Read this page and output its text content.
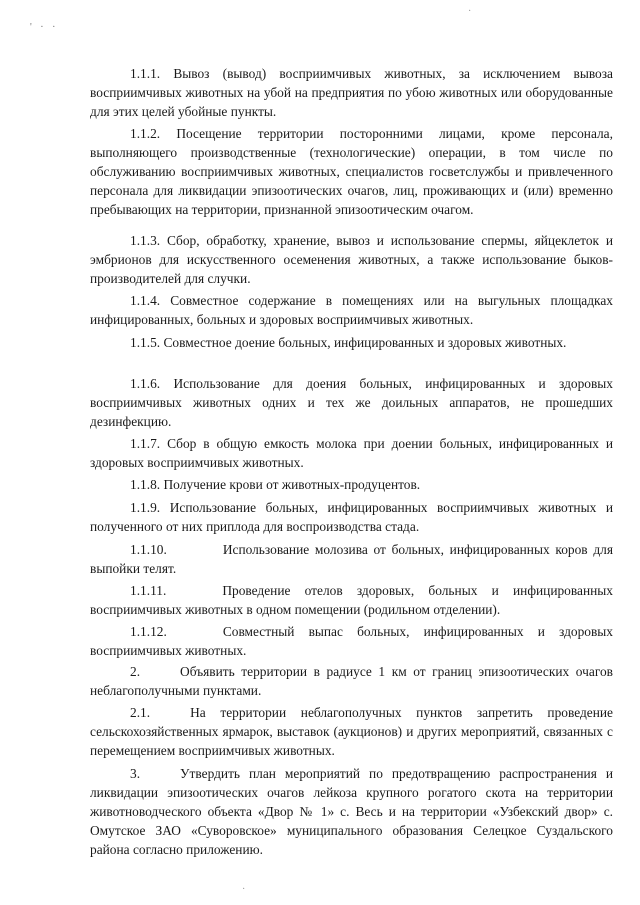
' · ·
·

1.1.1. Вывоз (вывод) восприимчивых животных, за исключением вывоза восприимчивых животных на убой на предприятия по убою животных или оборудованные для этих целей убойные пункты.

1.1.2. Посещение территории посторонними лицами, кроме персонала, выполняющего производственные (технологические) операции, в том числе по обслуживанию восприимчивых животных, специалистов госветслужбы и привлеченного персонала для ликвидации эпизоотических очагов, лиц, проживающих и (или) временно пребывающих на территории, признанной эпизоотическим очагом.

1.1.3. Сбор, обработку, хранение, вывоз и использование спермы, яйцеклеток и эмбрионов для искусственного осеменения животных, а также использование быков-производителей для случки.

1.1.4. Совместное содержание в помещениях или на выгульных площадках инфицированных, больных и здоровых восприимчивых животных.

1.1.5. Совместное доение больных, инфицированных и здоровых животных.

1.1.6. Использование для доения больных, инфицированных и здоровых восприимчивых животных одних и тех же доильных аппаратов, не прошедших дезинфекцию.

1.1.7. Сбор в общую емкость молока при доении больных, инфицированных и здоровых восприимчивых животных.

1.1.8. Получение крови от животных-продуцентов.

1.1.9. Использование больных, инфицированных восприимчивых животных и полученного от них приплода для воспроизводства стада.

1.1.10.	Использование молозива от больных, инфицированных коров для выпойки телят.

1.1.11.	Проведение отелов здоровых, больных и инфицированных восприимчивых животных в одном помещении (родильном отделении).

1.1.12.	Совместный выпас больных, инфицированных и здоровых восприимчивых животных.

2.	Объявить территории в радиусе 1 км от границ эпизоотических очагов неблагополучными пунктами.

2.1.	На территории неблагополучных пунктов запретить проведение сельскохозяйственных ярмарок, выставок (аукционов) и других мероприятий, связанных с перемещением восприимчивых животных.

3.	Утвердить план мероприятий по предотвращению распространения и ликвидации эпизоотических очагов лейкоза крупного рогатого скота на территории животноводческого объекта «Двор № 1» с. Весь и на территории «Узбекский двор» с. Омутское ЗАО «Суворовское» муниципального образования Селецкое Суздальского района согласно приложению.

·
